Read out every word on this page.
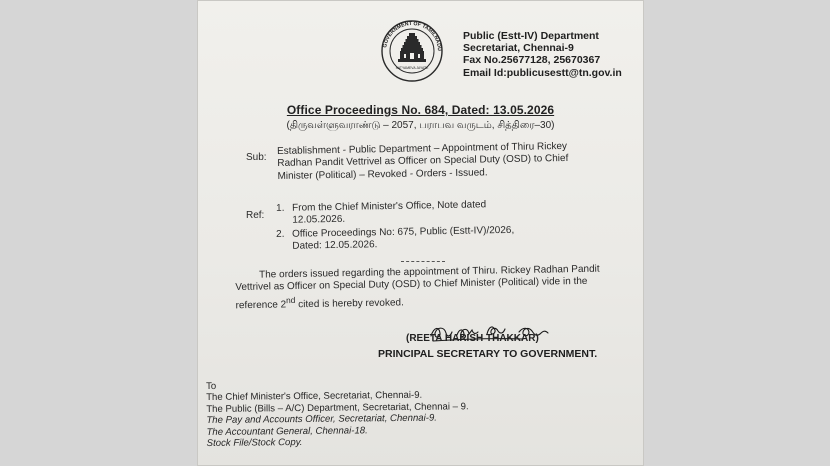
GOVERNMENT OF TAMILNADU
SATYAMEVA JAYATE
Public (Estt-IV) Department
Secretariat, Chennai-9
Fax No.25677128, 25670367
Email Id:publicusestt@tn.gov.in
Office Proceedings No. 684, Dated: 13.05.2026
(திருவள்ளுவராண்டு – 2057, பராபவ வருடம், சித்திரை–30)
Sub:
Establishment - Public Department – Appointment of Thiru Rickey Radhan Pandit Vettrivel as Officer on Special Duty (OSD) to Chief Minister (Political) – Revoked - Orders - Issued.
Ref:
1. From the Chief Minister's Office, Note dated
12.05.2026.
2. Office Proceedings No: 675, Public (Estt-IV)/2026,
Dated: 12.05.2026.

The orders issued regarding the appointment of Thiru. Rickey Radhan Pandit Vettrivel as Officer on Special Duty (OSD) to Chief Minister (Political) vide in the reference 2nd cited is hereby revoked.

(REETA HARISH THAKKAR)
PRINCIPAL SECRETARY TO GOVERNMENT.
To
The Chief Minister's Office, Secretariat, Chennai-9.
The Public (Bills – A/C) Department, Secretariat, Chennai – 9.
The Pay and Accounts Officer, Secretariat, Chennai-9.
The Accountant General, Chennai-18.
Stock File/Stock Copy.
